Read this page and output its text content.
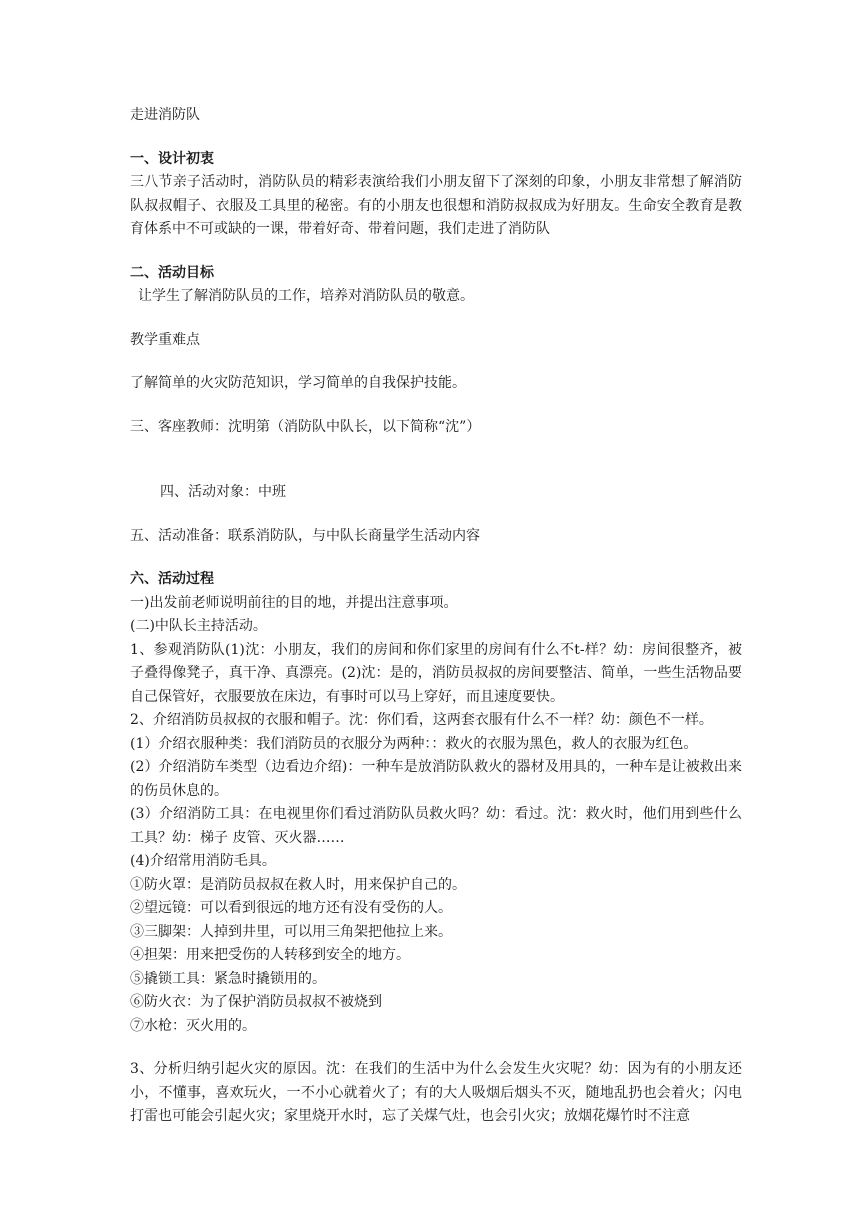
走进消防队
一、设计初衷
三八节亲子活动时，消防队员的精彩表演给我们小朋友留下了深刻的印象，小朋友非常想了解消防队叔叔帽子、衣服及工具里的秘密。有的小朋友也很想和消防叔叔成为好朋友。生命安全教育是教育体系中不可或缺的一课，带着好奇、带着问题，我们走进了消防队
二、活动目标
让学生了解消防队员的工作，培养对消防队员的敬意。
教学重难点
了解简单的火灾防范知识，学习简单的自我保护技能。
三、客座教师：沈明第（消防队中队长，以下简称“沈”）
四、活动对象：中班
五、活动准备：联系消防队，与中队长商量学生活动内容
六、活动过程
一)出发前老师说明前往的目的地，并提出注意事项。
(二)中队长主持活动。
1、参观消防队(1)沈：小朋友，我们的房间和你们家里的房间有什么不t-样？幼：房间很整齐，被子叠得像凳子，真干净、真漂亮。(2)沈：是的，消防员叔叔的房间要整洁、简单，一些生活物品要自己保管好，衣服要放在床边，有事时可以马上穿好，而且速度要快。
2、介绍消防员叔叔的衣服和帽子。沈：你们看，这两套衣服有什么不一样？幼：颜色不一样。
(1）介绍衣服种类：我们消防员的衣服分为两种：：救火的衣服为黑色，救人的衣服为红色。
(2）介绍消防车类型（边看边介绍)：一种车是放消防队救火的器材及用具的，一种车是让被救出来的伤员休息的。
(3）介绍消防工具：在电视里你们看过消防队员救火吗？幼：看过。沈：救火时，他们用到些什么工具？幼：梯子 皮管、灭火器……
(4)介绍常用消防毛具。
①防火罩：是消防员叔叔在救人时，用来保护自己的。
②望远镜：可以看到很远的地方还有没有受伤的人。
③三脚架：人掉到井里，可以用三角架把他拉上来。
④担架：用来把受伤的人转移到安全的地方。
⑤撬锁工具：紧急时撬锁用的。
⑥防火衣：为了保护消防员叔叔不被烧到
⑦水枪：灭火用的。
3、分析归纳引起火灾的原因。沈：在我们的生活中为什么会发生火灾呢？幼：因为有的小朋友还小，不懂事，喜欢玩火，一不小心就着火了；有的大人吸烟后烟头不灭，随地乱扔也会着火；闪电打雷也可能会引起火灾；家里烧开水时，忘了关煤气灶，也会引火灾；放烟花爆竹时不注意
